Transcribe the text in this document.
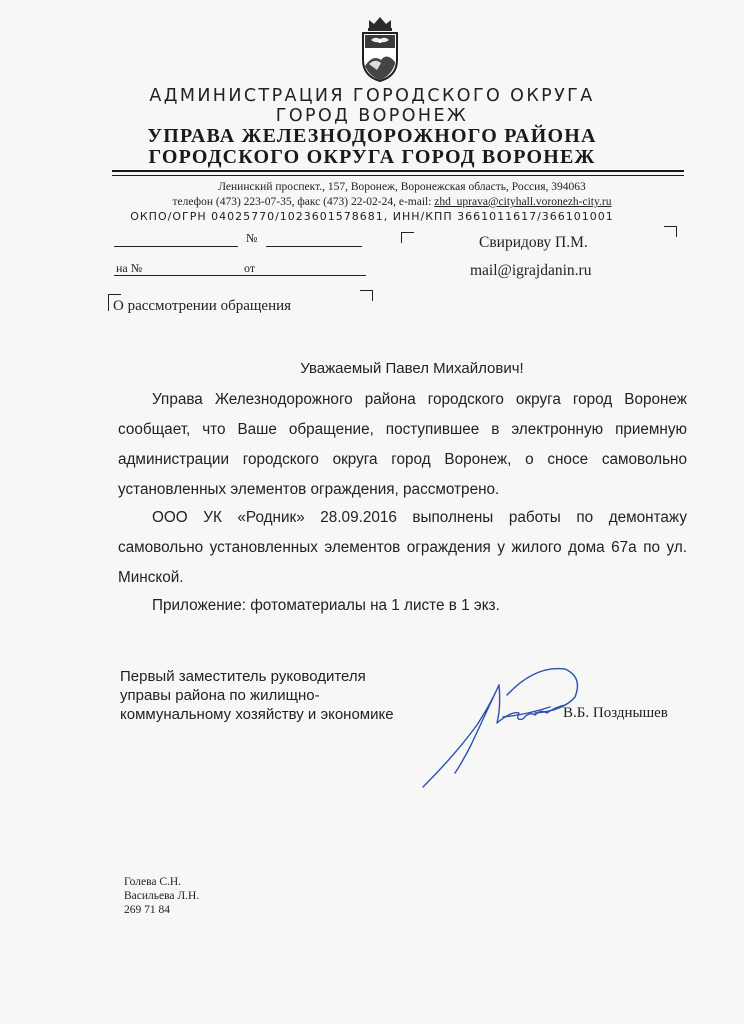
АДМИНИСТРАЦИЯ ГОРОДСКОГО ОКРУГА
ГОРОД ВОРОНЕЖ
УПРАВА ЖЕЛЕЗНОДОРОЖНОГО РАЙОНА
ГОРОДСКОГО ОКРУГА ГОРОД ВОРОНЕЖ
Ленинский проспект., 157, Воронеж, Воронежская область, Россия, 394063
телефон (473) 223-07-35, факс (473) 22-02-24, e-mail: zhd_uprava@cityhall.voronezh-city.ru
ОКПО/ОГРН 04025770/1023601578681, ИНН/КПП 3661011617/366101001
№
на №	от
Свиридову П.М.
mail@igrajdanin.ru
О рассмотрении обращения
Уважаемый Павел Михайлович!
Управа Железнодорожного района городского округа город Воронеж сообщает, что Ваше обращение, поступившее в электронную приемную администрации городского округа город Воронеж, о сносе самовольно установленных элементов ограждения, рассмотрено.
ООО УК «Родник» 28.09.2016 выполнены работы по демонтажу самовольно установленных элементов ограждения у жилого дома 67а по ул. Минской.
Приложение: фотоматериалы на 1 листе в 1 экз.
Первый заместитель руководителя
управы района по жилищно-
коммунальному хозяйству и экономике	В.Б. Позднышев
Голева С.Н.
Васильева Л.Н.
269 71 84
